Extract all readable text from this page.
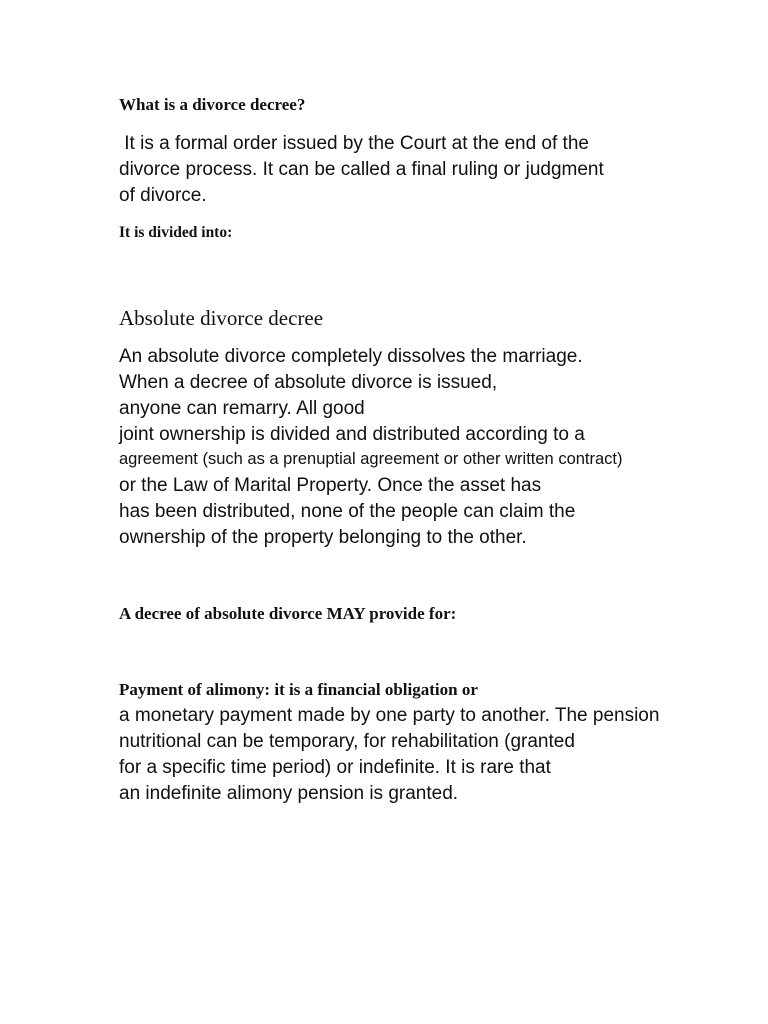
What is a divorce decree?

It is a formal order issued by the Court at the end of the

divorce process. It can be called a final ruling or judgment

of divorce.

It is divided into:

Absolute divorce decree

An absolute divorce completely dissolves the marriage.

When a decree of absolute divorce is issued,

anyone can remarry. All good

joint ownership is divided and distributed according to a

agreement (such as a prenuptial agreement or other written contract)

or the Law of Marital Property. Once the asset has

has been distributed, none of the people can claim the

ownership of the property belonging to the other.

A decree of absolute divorce MAY provide for:

Payment of alimony: it is a financial obligation or

a monetary payment made by one party to another. The pension

nutritional can be temporary, for rehabilitation (granted

for a specific time period) or indefinite. It is rare that

an indefinite alimony pension is granted.
